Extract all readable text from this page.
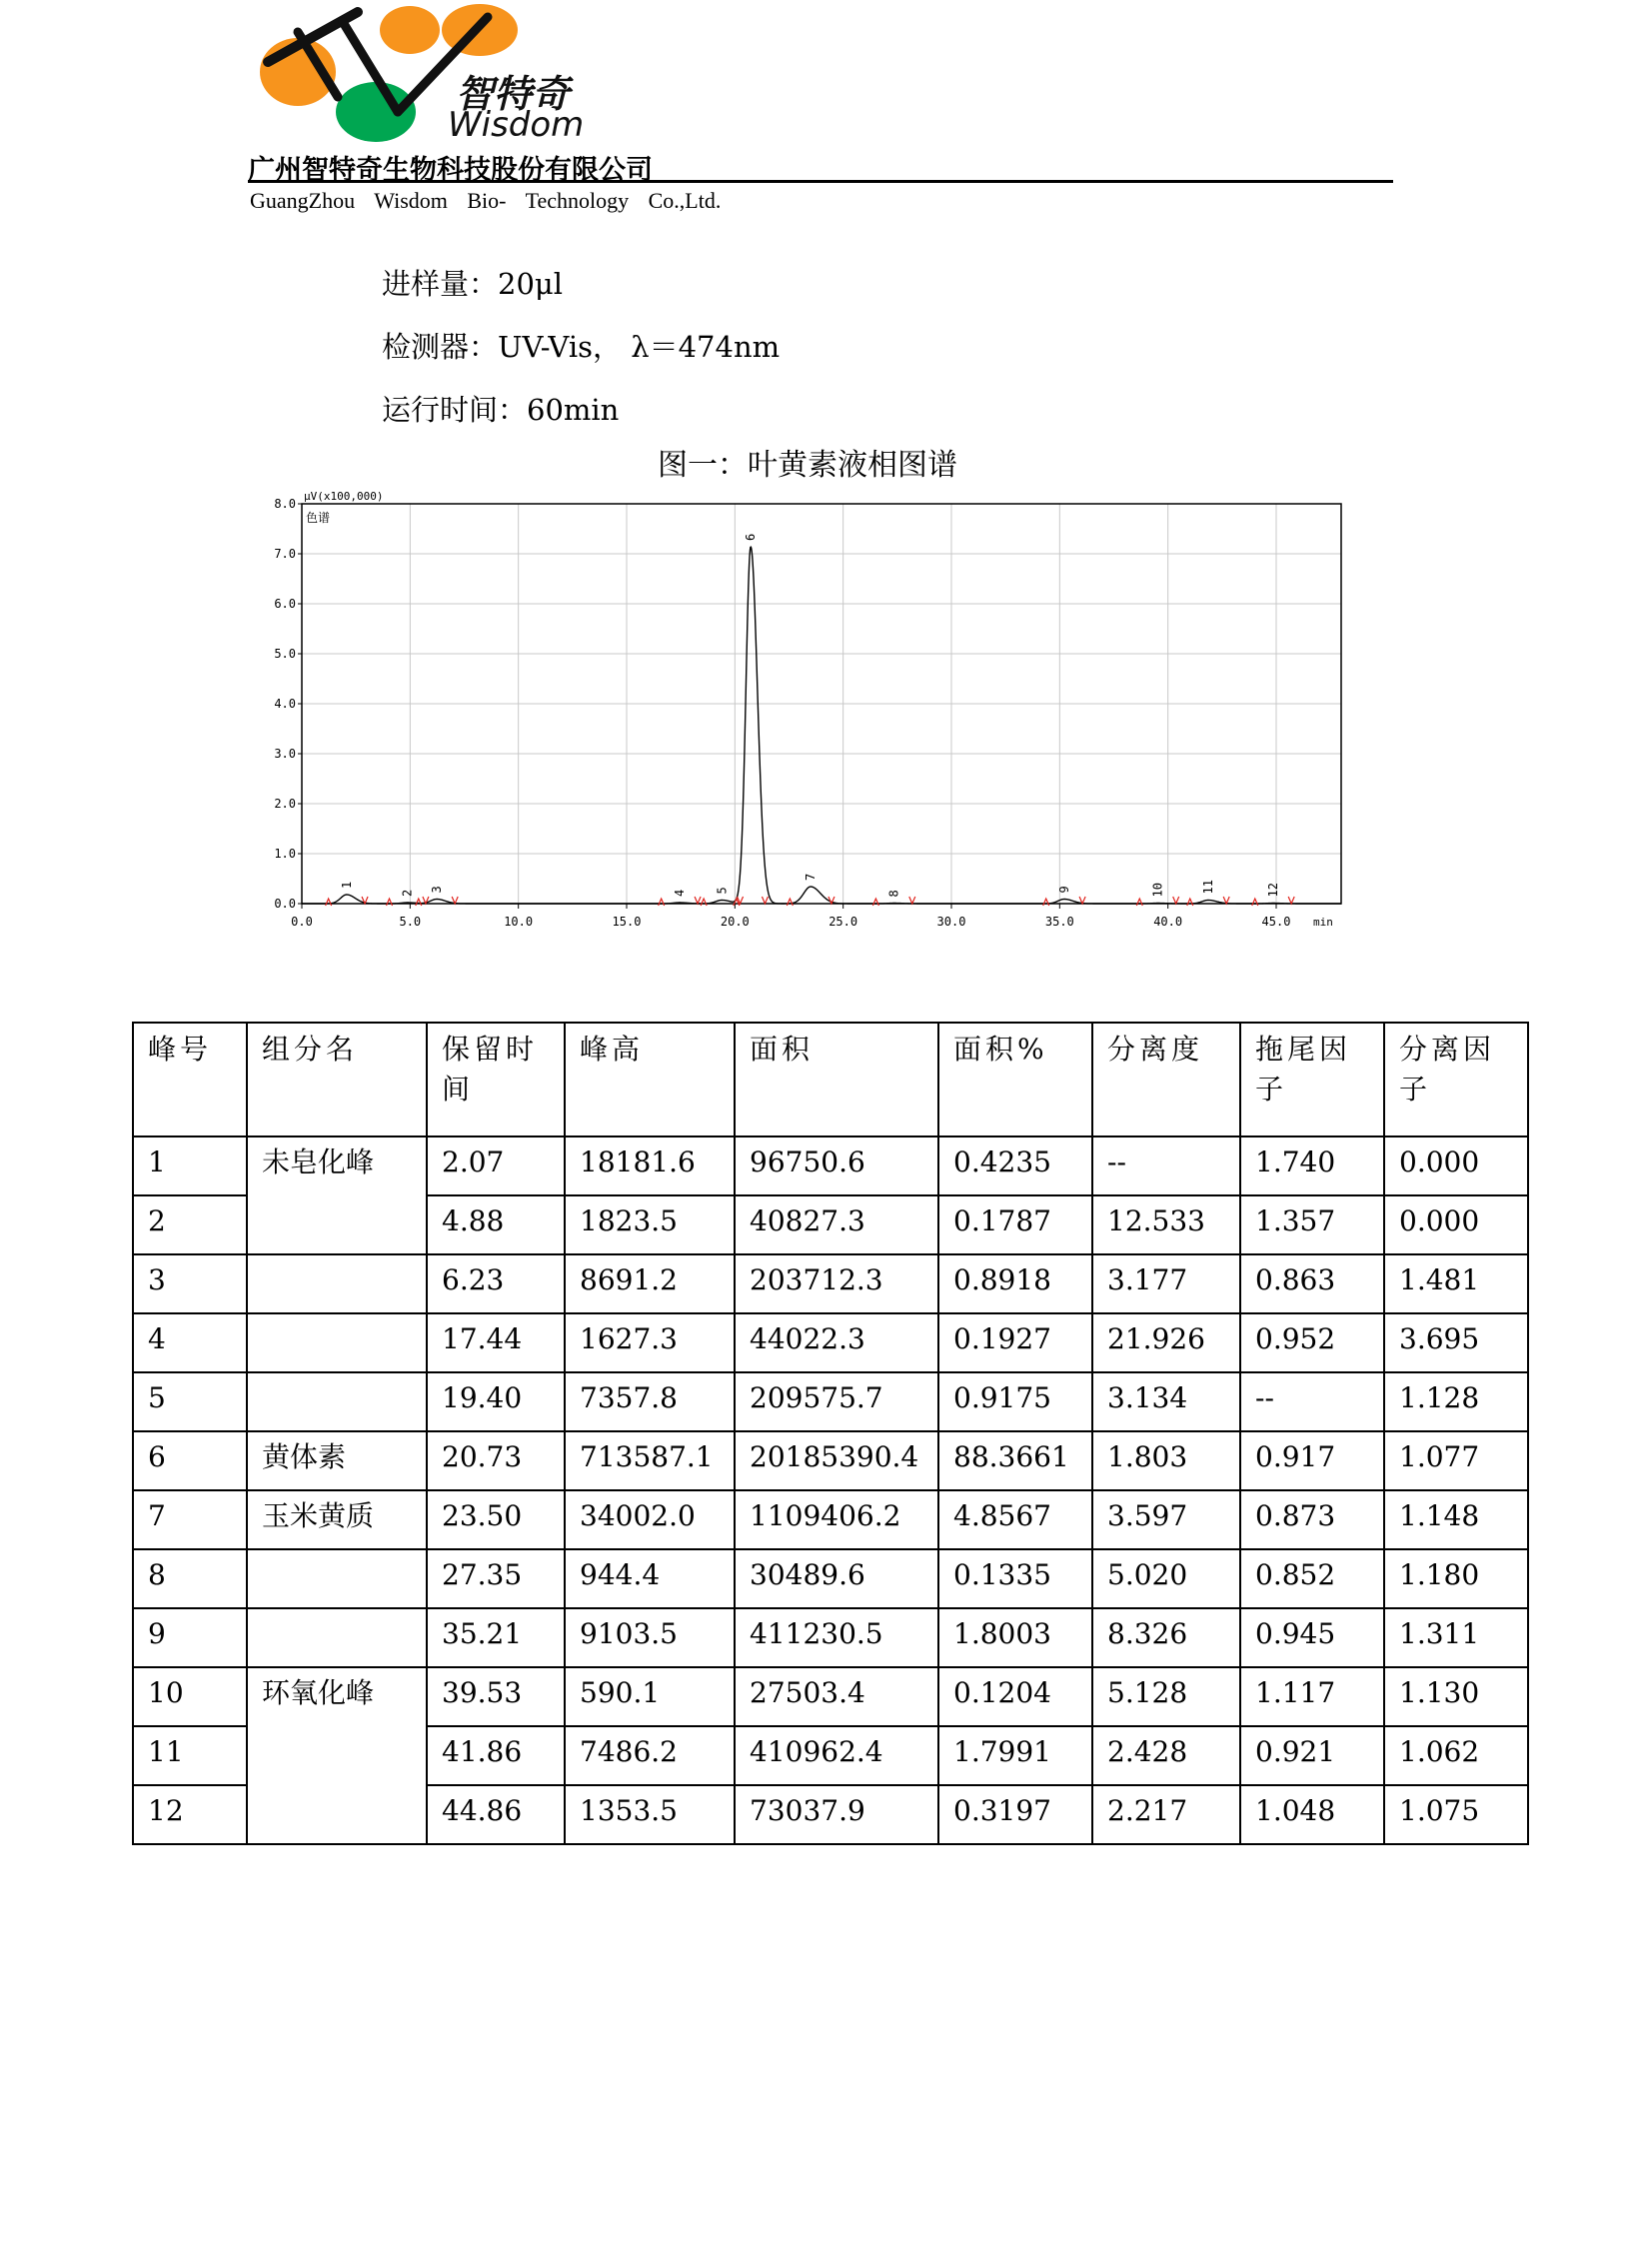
智特奇
Wisdom
广州智特奇生物科技股份有限公司
GuangZhou Wisdom Bio- Technology Co.,Ltd.
进样量：20μl
检测器：UV-Vis， λ＝474nm
运行时间：60min
图一：叶黄素液相图谱
μV(x100,000)
色谱
min
0.0	5.0	10.0	15.0	20.0	25.0	30.0	35.0	40.0	45.0
0.0
1.0
2.0
3.0
4.0
5.0
6.0
7.0
8.0
1
2 3	4 5
6
7
8
9	10	11	12
峰号	组分名	保留时间	峰高	面积	面积%	分离度	拖尾因子	分离因子

1	未皂化峰	2.07	18181.6	96750.6	0.4235	--	1.740	0.000
2		4.88	1823.5	40827.3	0.1787	12.533	1.357	0.000
3		6.23	8691.2	203712.3	0.8918	3.177	0.863	1.481
4		17.44	1627.3	44022.3	0.1927	21.926	0.952	3.695
5		19.40	7357.8	209575.7	0.9175	3.134	--	1.128
6	黄体素	20.73	713587.1	20185390.4	88.3661	1.803	0.917	1.077
7	玉米黄质	23.50	34002.0	1109406.2	4.8567	3.597	0.873	1.148
8		27.35	944.4	30489.6	0.1335	5.020	0.852	1.180
9		35.21	9103.5	411230.5	1.8003	8.326	0.945	1.311
10	环氧化峰	39.53	590.1	27503.4	0.1204	5.128	1.117	1.130
11		41.86	7486.2	410962.4	1.7991	2.428	0.921	1.062
12		44.86	1353.5	73037.9	0.3197	2.217	1.048	1.075
